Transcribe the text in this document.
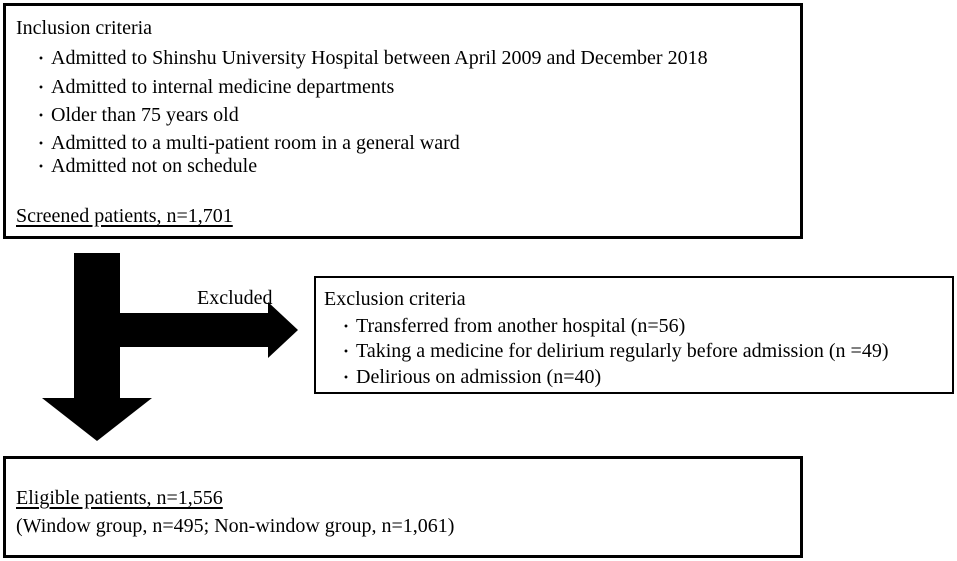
Inclusion criteria
・Admitted to Shinshu University Hospital between April 2009 and December 2018
・Admitted to internal medicine departments
・Older than 75 years old
・Admitted to a multi-patient room in a general ward
・Admitted not on schedule
Screened patients, n=1,701
Excluded	Exclusion criteria
・Transferred from another hospital (n=56)
・Taking a medicine for delirium regularly before admission (n =49)
・Delirious on admission (n=40)
Eligible patients, n=1,556
(Window group, n=495; Non-window group, n=1,061)
